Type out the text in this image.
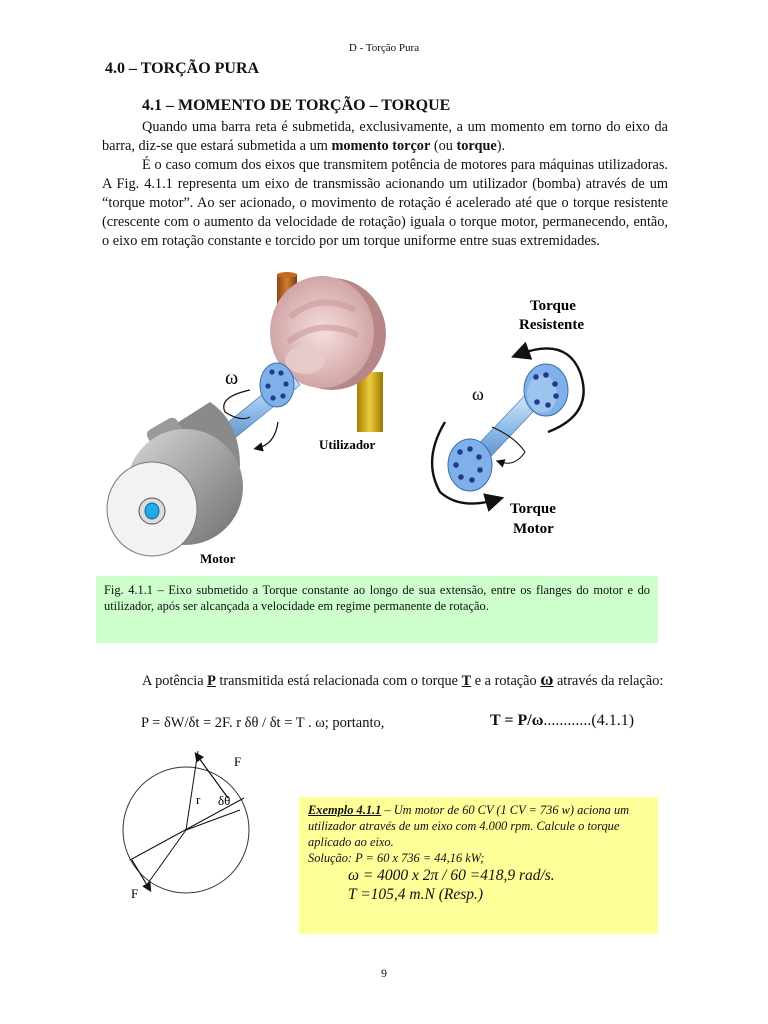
D - Torção Pura
4.0 – TORÇÃO PURA
4.1 – MOMENTO DE TORÇÃO – TORQUE
Quando uma barra reta é submetida, exclusivamente, a um momento em torno do eixo da barra, diz-se que estará submetida a um momento torçor (ou torque).
É o caso comum dos eixos que transmitem potência de motores para máquinas utilizadoras. A Fig. 4.1.1 representa um eixo de transmissão acionando um utilizador (bomba) através de um “torque motor”. Ao ser acionado, o movimento de rotação é acelerado até que o torque resistente (crescente com o aumento da velocidade de rotação) iguala o torque motor, permanecendo, então, o eixo em rotação constante e torcido por um torque uniforme entre suas extremidades.
ω
Utilizador
Motor
ω
Torque
Resistente
Torque
Motor
Fig. 4.1.1 – Eixo submetido a Torque constante ao longo de sua extensão, entre os flanges do motor e do utilizador, após ser alcançada a velocidade em regime permanente de rotação.
A potência P transmitida está relacionada com o torque T e a rotação ω através da relação:
P = δW/δt = 2F. r δθ / δt = T . ω; portanto,	T = P/ω............(4.1.1)
F
F
r δθ
Exemplo 4.1.1 – Um motor de 60 CV (1 CV = 736 w) aciona um utilizador através de um eixo com 4.000 rpm. Calcule o torque aplicado ao eixo.
Solução: P = 60 x 736 = 44,16 kW;
ω = 4000 x 2π / 60 =418,9 rad/s.
T =105,4 m.N (Resp.)
9
